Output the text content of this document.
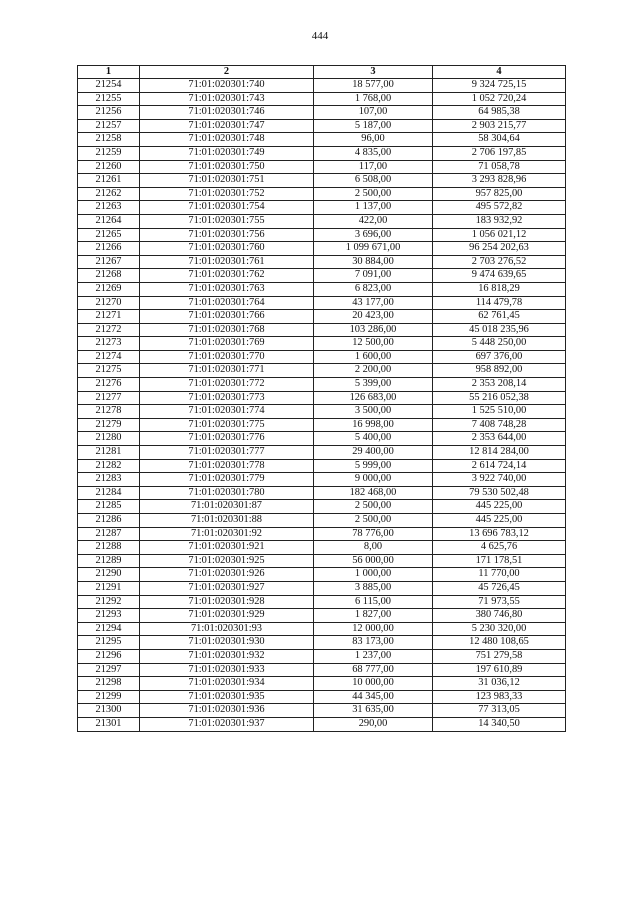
444
1	2	3	4
21254	71:01:020301:740	18 577,00	9 324 725,15
21255	71:01:020301:743	1 768,00	1 052 720,24
21256	71:01:020301:746	107,00	64 985,38
21257	71:01:020301:747	5 187,00	2 903 215,77
21258	71:01:020301:748	96,00	58 304,64
21259	71:01:020301:749	4 835,00	2 706 197,85
21260	71:01:020301:750	117,00	71 058,78
21261	71:01:020301:751	6 508,00	3 293 828,96
21262	71:01:020301:752	2 500,00	957 825,00
21263	71:01:020301:754	1 137,00	495 572,82
21264	71:01:020301:755	422,00	183 932,92
21265	71:01:020301:756	3 696,00	1 056 021,12
21266	71:01:020301:760	1 099 671,00	96 254 202,63
21267	71:01:020301:761	30 884,00	2 703 276,52
21268	71:01:020301:762	7 091,00	9 474 639,65
21269	71:01:020301:763	6 823,00	16 818,29
21270	71:01:020301:764	43 177,00	114 479,78
21271	71:01:020301:766	20 423,00	62 761,45
21272	71:01:020301:768	103 286,00	45 018 235,96
21273	71:01:020301:769	12 500,00	5 448 250,00
21274	71:01:020301:770	1 600,00	697 376,00
21275	71:01:020301:771	2 200,00	958 892,00
21276	71:01:020301:772	5 399,00	2 353 208,14
21277	71:01:020301:773	126 683,00	55 216 052,38
21278	71:01:020301:774	3 500,00	1 525 510,00
21279	71:01:020301:775	16 998,00	7 408 748,28
21280	71:01:020301:776	5 400,00	2 353 644,00
21281	71:01:020301:777	29 400,00	12 814 284,00
21282	71:01:020301:778	5 999,00	2 614 724,14
21283	71:01:020301:779	9 000,00	3 922 740,00
21284	71:01:020301:780	182 468,00	79 530 502,48
21285	71:01:020301:87	2 500,00	445 225,00
21286	71:01:020301:88	2 500,00	445 225,00
21287	71:01:020301:92	78 776,00	13 696 783,12
21288	71:01:020301:921	8,00	4 625,76
21289	71:01:020301:925	56 000,00	171 178,51
21290	71:01:020301:926	1 000,00	11 770,00
21291	71:01:020301:927	3 885,00	45 726,45
21292	71:01:020301:928	6 115,00	71 973,55
21293	71:01:020301:929	1 827,00	380 746,80
21294	71:01:020301:93	12 000,00	5 230 320,00
21295	71:01:020301:930	83 173,00	12 480 108,65
21296	71:01:020301:932	1 237,00	751 279,58
21297	71:01:020301:933	68 777,00	197 610,89
21298	71:01:020301:934	10 000,00	31 036,12
21299	71:01:020301:935	44 345,00	123 983,33
21300	71:01:020301:936	31 635,00	77 313,05
21301	71:01:020301:937	290,00	14 340,50
